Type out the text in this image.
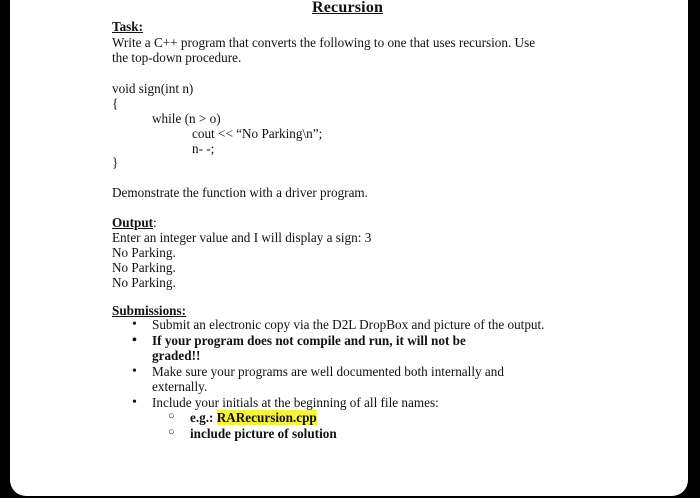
Recursion
Task:
Write a C++ program that converts the following to one that uses recursion. Use
the top-down procedure.
void sign(int n)
{
while (n > o)
cout << “No Parking\n”;
n- -;
}
Demonstrate the function with a driver program.
Output:
Enter an integer value and I will display a sign: 3
No Parking.
No Parking.
No Parking.
Submissions:
• Submit an electronic copy via the D2L DropBox and picture of the output.
• If your program does not compile and run, it will not be
graded!!
• Make sure your programs are well documented both internally and
externally.
• Include your initials at the beginning of all file names:
○ e.g.: RARecursion.cpp
○ include picture of solution
